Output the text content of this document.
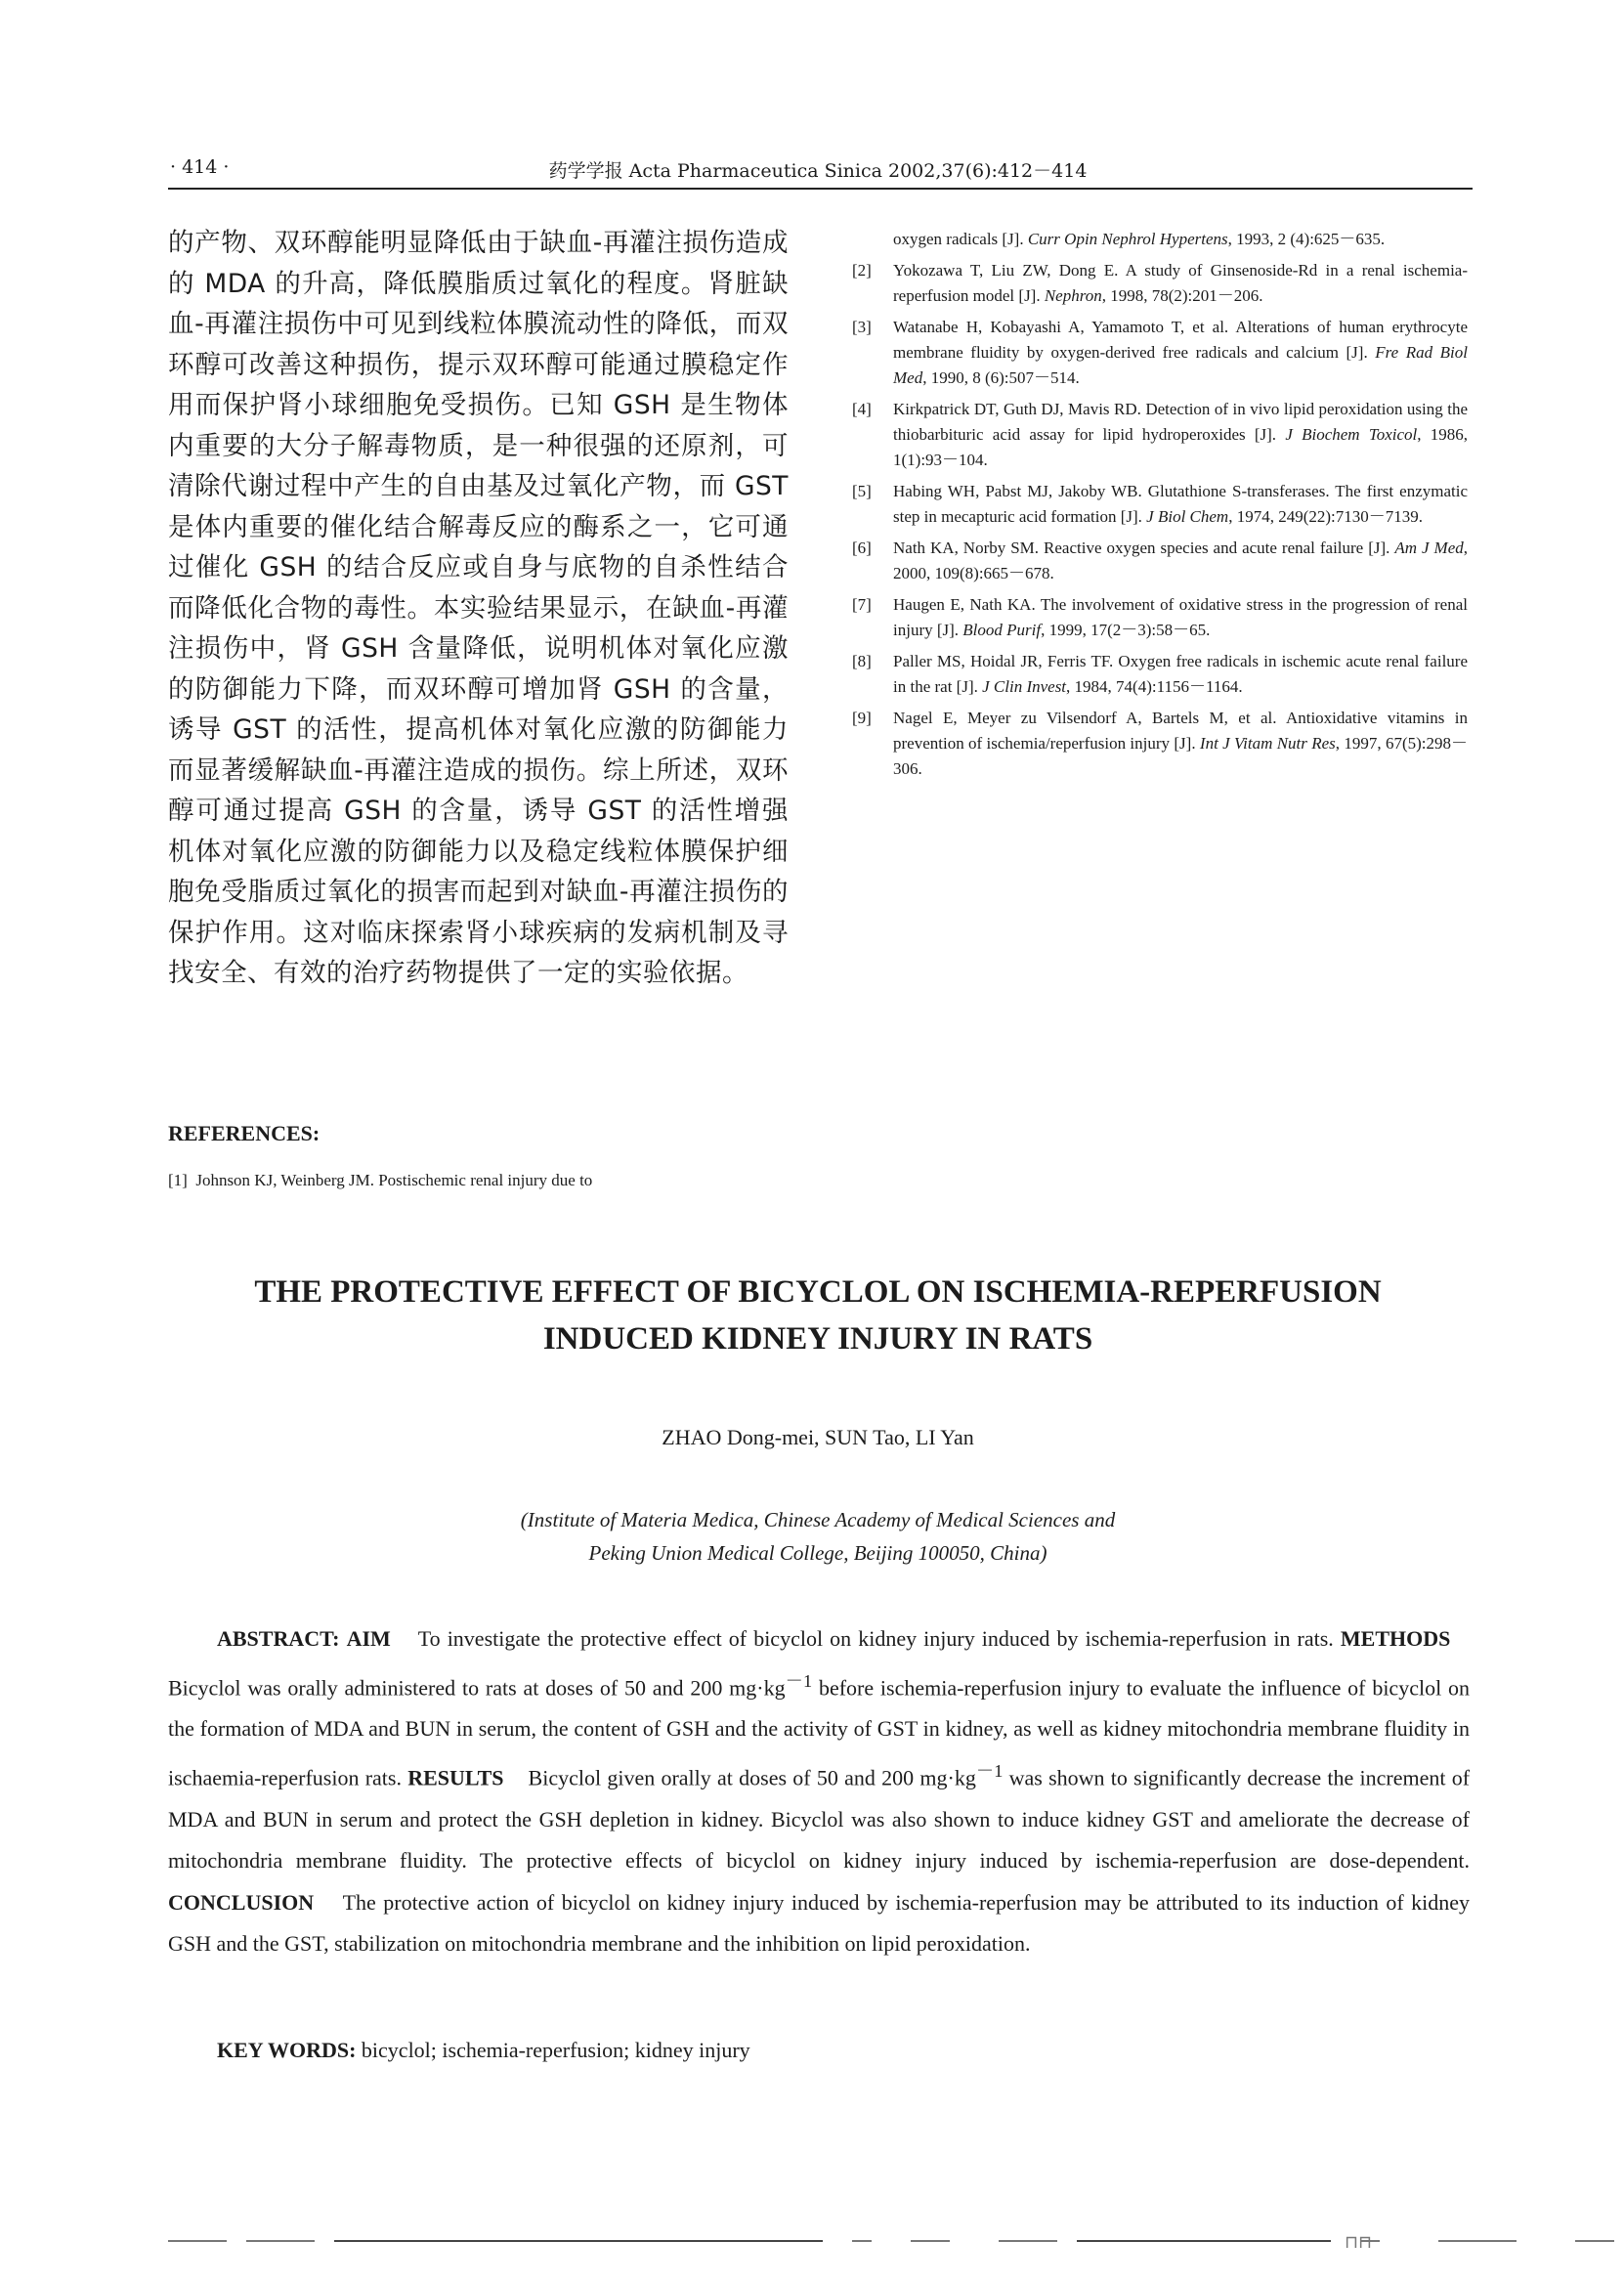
· 414 ·	药学学报 Acta Pharmaceutica Sinica 2002,37(6):412－414

的产物、双环醇能明显降低由于缺血-再灌注损伤造成的 MDA 的升高，降低膜脂质过氧化的程度。肾脏缺血-再灌注损伤中可见到线粒体膜流动性的降低，而双环醇可改善这种损伤，提示双环醇可能通过膜稳定作用而保护肾小球细胞免受损伤。已知 GSH 是生物体内重要的大分子解毒物质，是一种很强的还原剂，可清除代谢过程中产生的自由基及过氧化产物，而 GST 是体内重要的催化结合解毒反应的酶系之一，它可通过催化 GSH 的结合反应或自身与底物的自杀性结合而降低化合物的毒性。本实验结果显示，在缺血-再灌注损伤中，肾 GSH 含量降低，说明机体对氧化应激的防御能力下降，而双环醇可增加肾 GSH 的含量，诱导 GST 的活性，提高机体对氧化应激的防御能力而显著缓解缺血-再灌注造成的损伤。综上所述，双环醇可通过提高 GSH 的含量，诱导 GST 的活性增强机体对氧化应激的防御能力以及稳定线粒体膜保护细胞免受脂质过氧化的损害而起到对缺血-再灌注损伤的保护作用。这对临床探索肾小球疾病的发病机制及寻找安全、有效的治疗药物提供了一定的实验依据。

REFERENCES:
[1] Johnson KJ, Weinberg JM. Postischemic renal injury due to
oxygen radicals [J]. Curr Opin Nephrol Hypertens, 1993, 2 (4):625－635.
[2] Yokozawa T, Liu ZW, Dong E. A study of Ginsenoside-Rd in a renal ischemia-reperfusion model [J]. Nephron, 1998, 78(2):201－206.
[3] Watanabe H, Kobayashi A, Yamamoto T, et al. Alterations of human erythrocyte membrane fluidity by oxygen-derived free radicals and calcium [J]. Fre Rad Biol Med, 1990, 8 (6):507－514.
[4] Kirkpatrick DT, Guth DJ, Mavis RD. Detection of in vivo lipid peroxidation using the thiobarbituric acid assay for lipid hydroperoxides [J]. J Biochem Toxicol, 1986, 1(1):93－104.
[5] Habing WH, Pabst MJ, Jakoby WB. Glutathione S-transferases. The first enzymatic step in mecapturic acid formation [J]. J Biol Chem, 1974, 249(22):7130－7139.
[6] Nath KA, Norby SM. Reactive oxygen species and acute renal failure [J]. Am J Med, 2000, 109(8):665－678.
[7] Haugen E, Nath KA. The involvement of oxidative stress in the progression of renal injury [J]. Blood Purif, 1999, 17(2－3):58－65.
[8] Paller MS, Hoidal JR, Ferris TF. Oxygen free radicals in ischemic acute renal failure in the rat [J]. J Clin Invest, 1984, 74(4):1156－1164.
[9] Nagel E, Meyer zu Vilsendorf A, Bartels M, et al. Antioxidative vitamins in prevention of ischemia/reperfusion injury [J]. Int J Vitam Nutr Res, 1997, 67(5):298－306.
THE PROTECTIVE EFFECT OF BICYCLOL ON ISCHEMIA-REPERFUSION
INDUCED KIDNEY INJURY IN RATS

ZHAO Dong-mei, SUN Tao, LI Yan

(Institute of Materia Medica, Chinese Academy of Medical Sciences and
Peking Union Medical College, Beijing 100050, China)

ABSTRACT: AIM To investigate the protective effect of bicyclol on kidney injury induced by ischemia-reperfusion in rats. METHODS    Bicyclol was orally administered to rats at doses of 50 and 200 $mg\cdot kg^{-1}$ before ischemia-reperfusion injury to evaluate the influence of bicyclol on the formation of MDA and BUN in serum, the content of GSH and the activity of GST in kidney, as well as kidney mitochondria membrane fluidity in ischaemia-reperfusion rats. RESULTS Bicyclol given orally at doses of 50 and 200 $mg\cdot kg^{-1}$ was shown to significantly decrease the increment of MDA and BUN in serum and protect the GSH depletion in kidney. Bicyclol was also shown to induce kidney GST and ameliorate the decrease of mitochondria membrane fluidity. The protective effects of bicyclol on kidney injury induced by ischemia-reperfusion are dose-dependent. CONCLUSION The protective action of bicyclol on kidney injury induced by ischemia-reperfusion may be attributed to its induction of kidney GSH and the GST, stabilization on mitochondria membrane and the inhibition on lipid peroxidation.

KEY WORDS: bicyclol; ischemia-reperfusion; kidney injury

⊓⊓
